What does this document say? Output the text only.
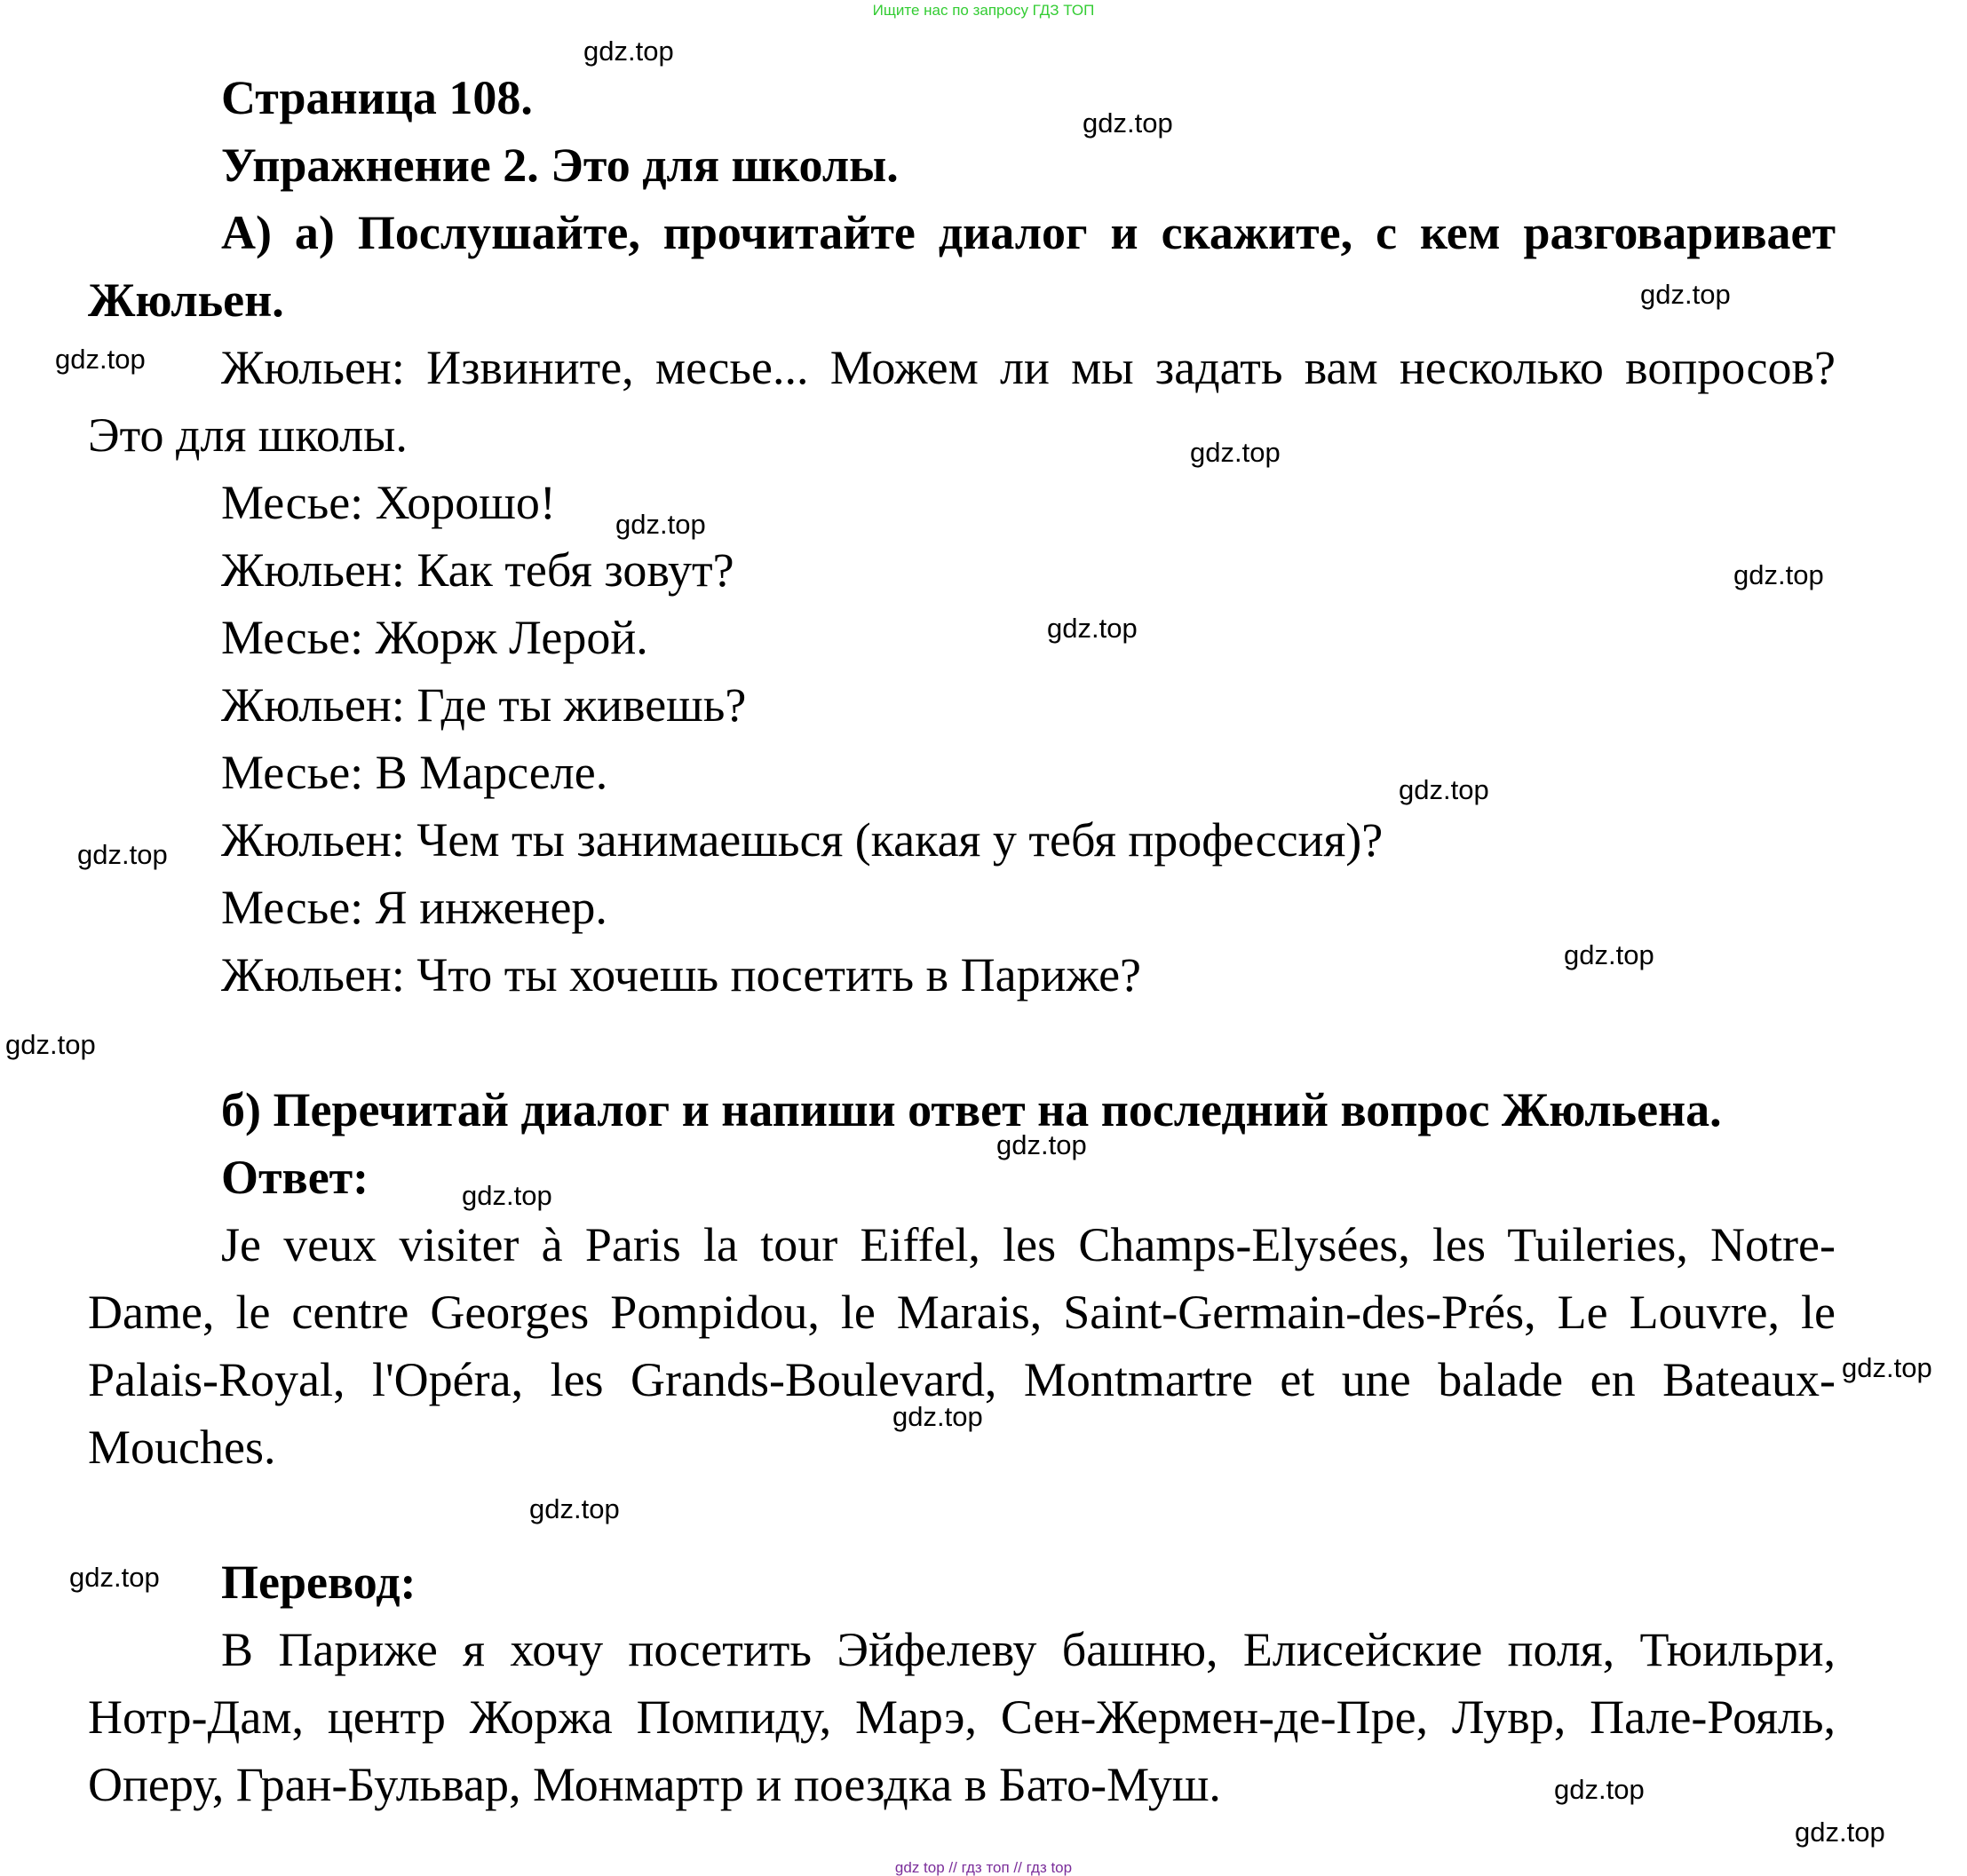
Ищите нас по запросу ГДЗ ТОП

Страница 108.

Упражнение 2. Это для школы.

А) а) Послушайте, прочитайте диалог и скажите, с кем разговаривает Жюльен.

Жюльен: Извините, месье... Можем ли мы задать вам несколько вопросов? Это для школы.

Месье: Хорошо!

Жюльен: Как тебя зовут?

Месье: Жорж Лерой.

Жюльен: Где ты живешь?

Месье: В Марселе.

Жюльен: Чем ты занимаешься (какая у тебя профессия)?

Месье: Я инженер.

Жюльен: Что ты хочешь посетить в Париже?

б) Перечитай диалог и напиши ответ на последний вопрос Жюльена.

Ответ:

Je veux visiter à Paris la tour Eiffel, les Champs-Elysées, les Tuileries, Notre-Dame, le centre Georges Pompidou, le Marais, Saint-Germain-des-Prés, Le Louvre, le Palais-Royal, l'Opéra, les Grands-Boulevard, Montmartre et une balade en Bateaux-Mouches.

Перевод:

В Париже я хочу посетить Эйфелеву башню, Елисейские поля, Тюильри, Нотр-Дам, центр Жоржа Помпиду, Марэ, Сен-Жермен-де-Пре, Лувр, Пале-Рояль, Оперу, Гран-Бульвар, Монмартр и поездка в Бато-Муш.

gdz.top
gdz.top
gdz.top
gdz.top
gdz.top
gdz.top
gdz.top
gdz.top
gdz.top
gdz.top
gdz.top
gdz.top
gdz.top
gdz.top
gdz.top
gdz.top
gdz.top
gdz.top
gdz.top
gdz.top
gdz top // гдз топ // гдз top
